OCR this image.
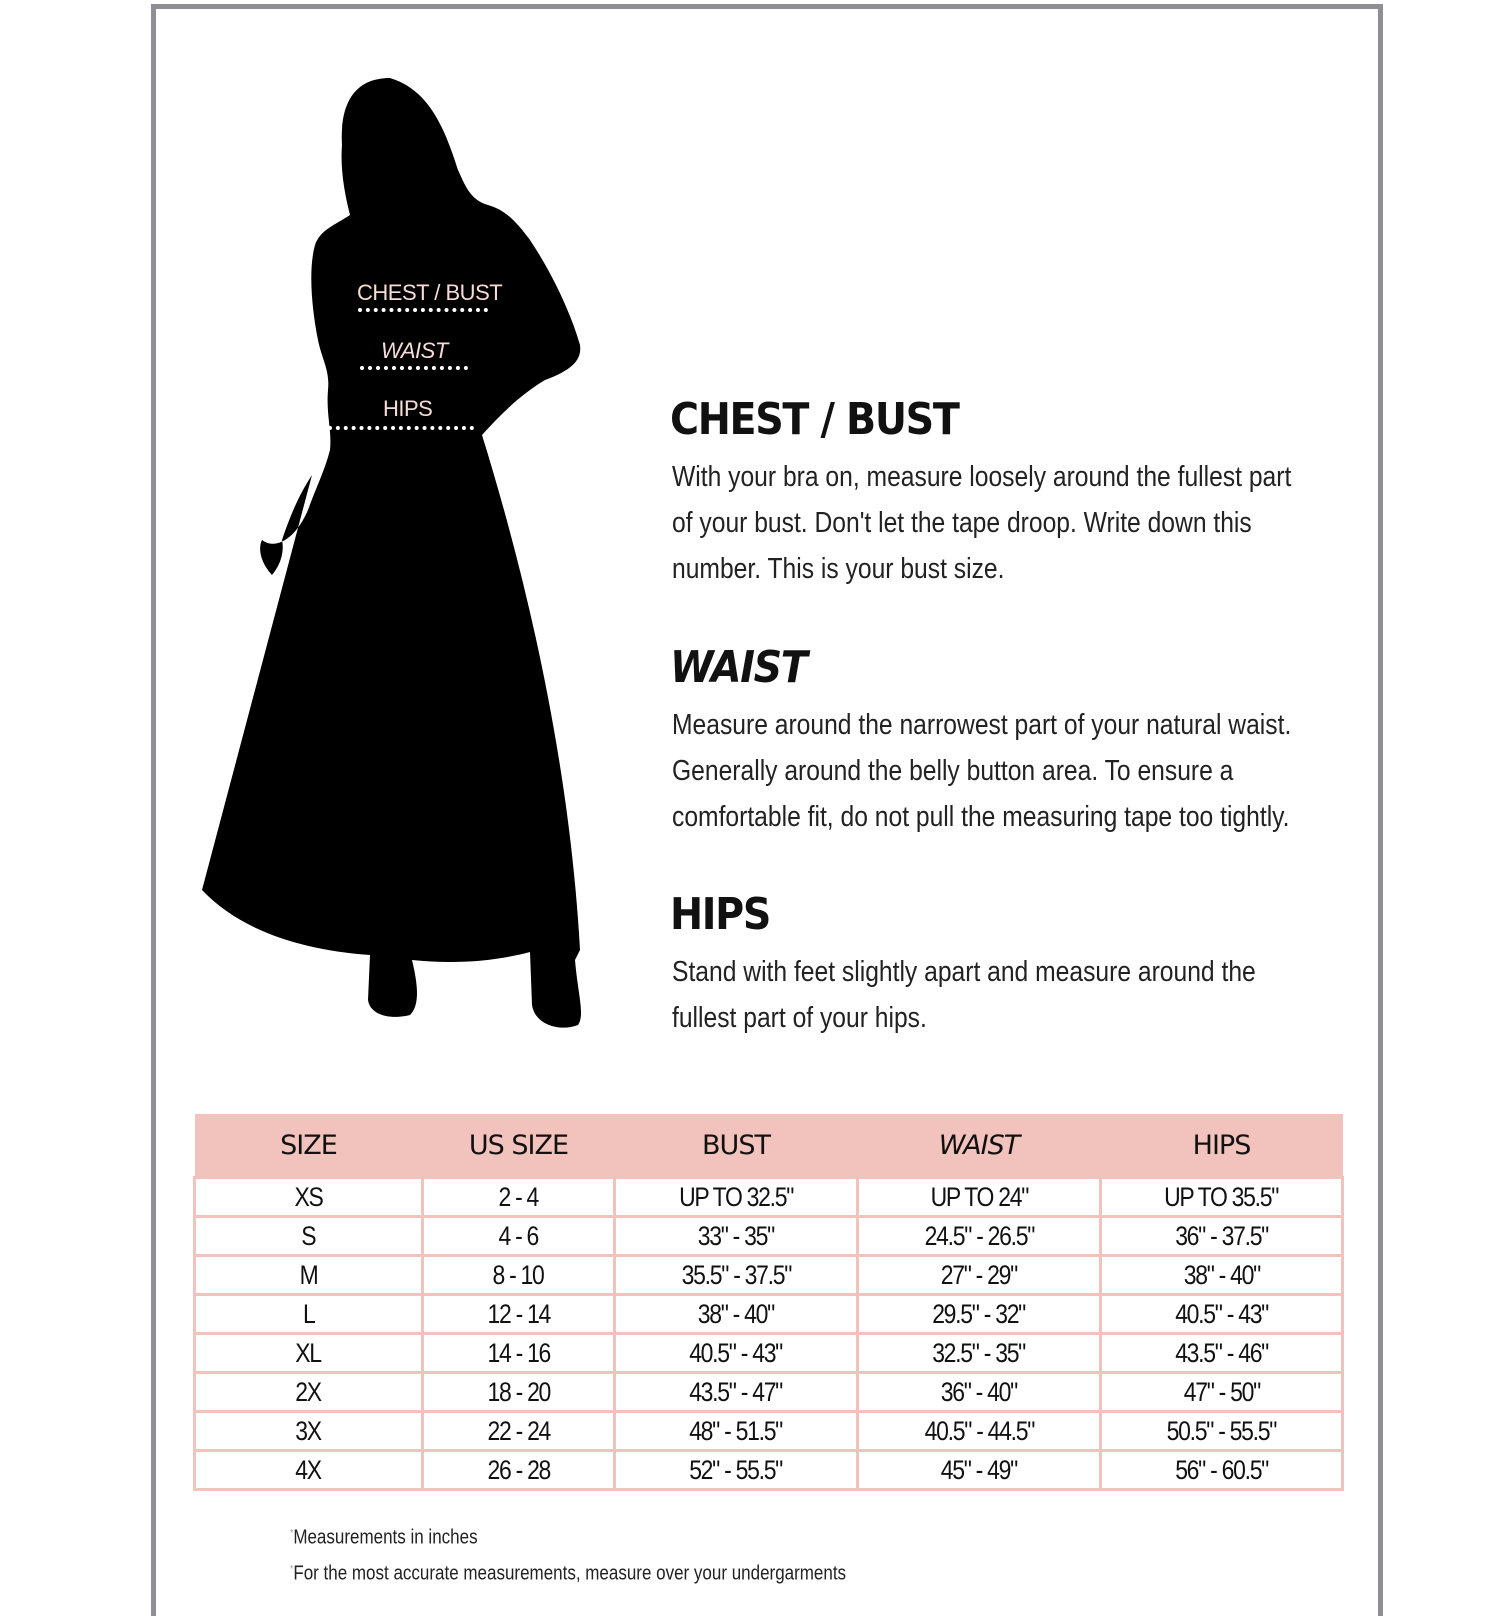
CHEST / BUST
WAIST
HIPS	CHEST / BUST

With your bra on, measure loosely around the fullest part of your bust. Don't let the tape droop. Write down this number. This is your bust size.

WAIST

Measure around the narrowest part of your natural waist. Generally around the belly button area. To ensure a comfortable fit, do not pull the measuring tape too tightly.

HIPS

Stand with feet slightly apart and measure around the fullest part of your hips.

SIZE	US SIZE	BUST	WAIST	HIPS
XS	2 - 4	UP TO 32.5"	UP TO 24"	UP TO 35.5"
S	4 - 6	33" - 35"	24.5" - 26.5"	36" - 37.5"
M	8 - 10	35.5" - 37.5"	27" - 29"	38" - 40"
L	12 - 14	38" - 40"	29.5" - 32"	40.5" - 43"
XL	14 - 16	40.5" - 43"	32.5" - 35"	43.5" - 46"
2X	18 - 20	43.5" - 47"	36" - 40"	47" - 50"
3X	22 - 24	48" - 51.5"	40.5" - 44.5"	50.5" - 55.5"
4X	26 - 28	52" - 55.5"	45" - 49"	56" - 60.5"
*Measurements in inches
*For the most accurate measurements, measure over your undergarments
